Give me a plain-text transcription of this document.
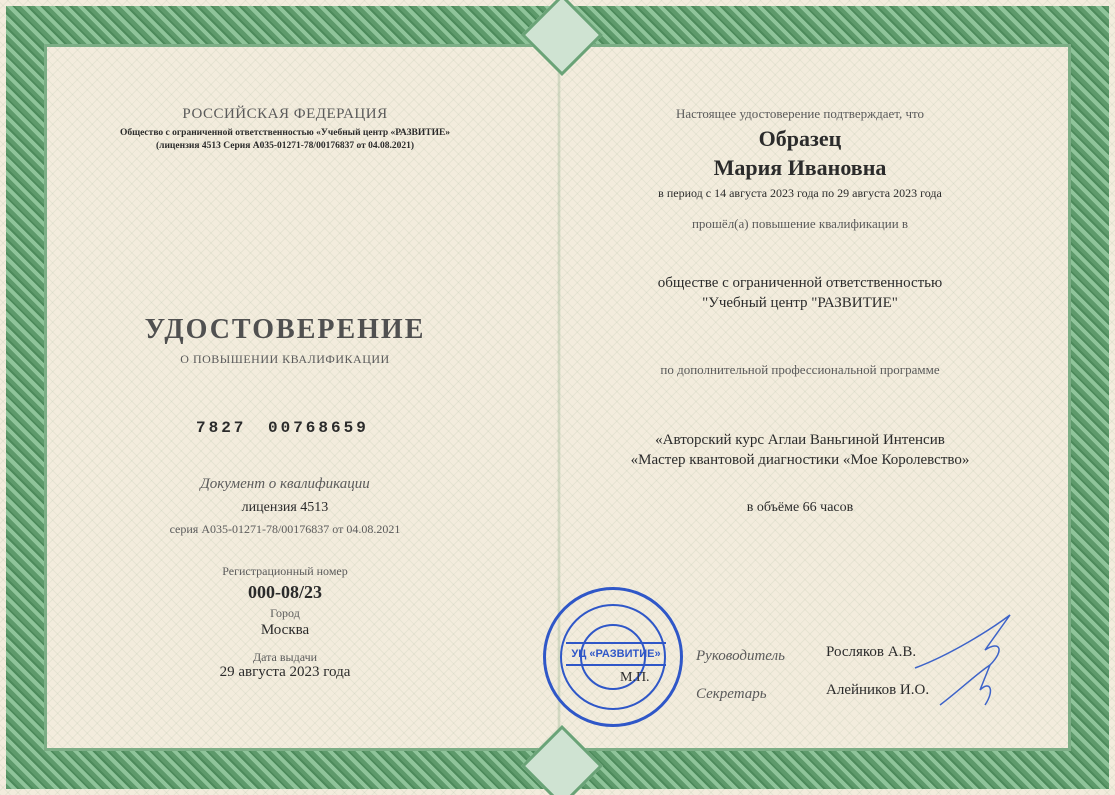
РОССИЙСКАЯ ФЕДЕРАЦИЯ
Общество с ограниченной ответственностью «Учебный центр «РАЗВИТИЕ»
(лицензия 4513 Серия А035-01271-78/00176837 от 04.08.2021)
УДОСТОВЕРЕНИЕ
О ПОВЫШЕНИИ КВАЛИФИКАЦИИ
7827 00768659
Документ о квалификации
лицензия 4513
серия А035-01271-78/00176837 от 04.08.2021
Регистрационный номер
000-08/23
Город
Москва
Дата выдачи
29 августа 2023 года
Настоящее удостоверение подтверждает, что
Образец
Мария Ивановна
в период с 14 августа 2023 года по 29 августа 2023 года
прошёл(а) повышение квалификации в
обществе с ограниченной ответственностью
"Учебный центр "РАЗВИТИЕ"
по дополнительной профессиональной программе
«Авторский курс Аглаи Ваньгиной Интенсив
«Мастер квантовой диагностики «Мое Королевство»
в объёме 66 часов
УЦ «РАЗВИТИЕ»
М.П.
Руководитель	Росляков А.В.
Секретарь	Алейников И.О.
